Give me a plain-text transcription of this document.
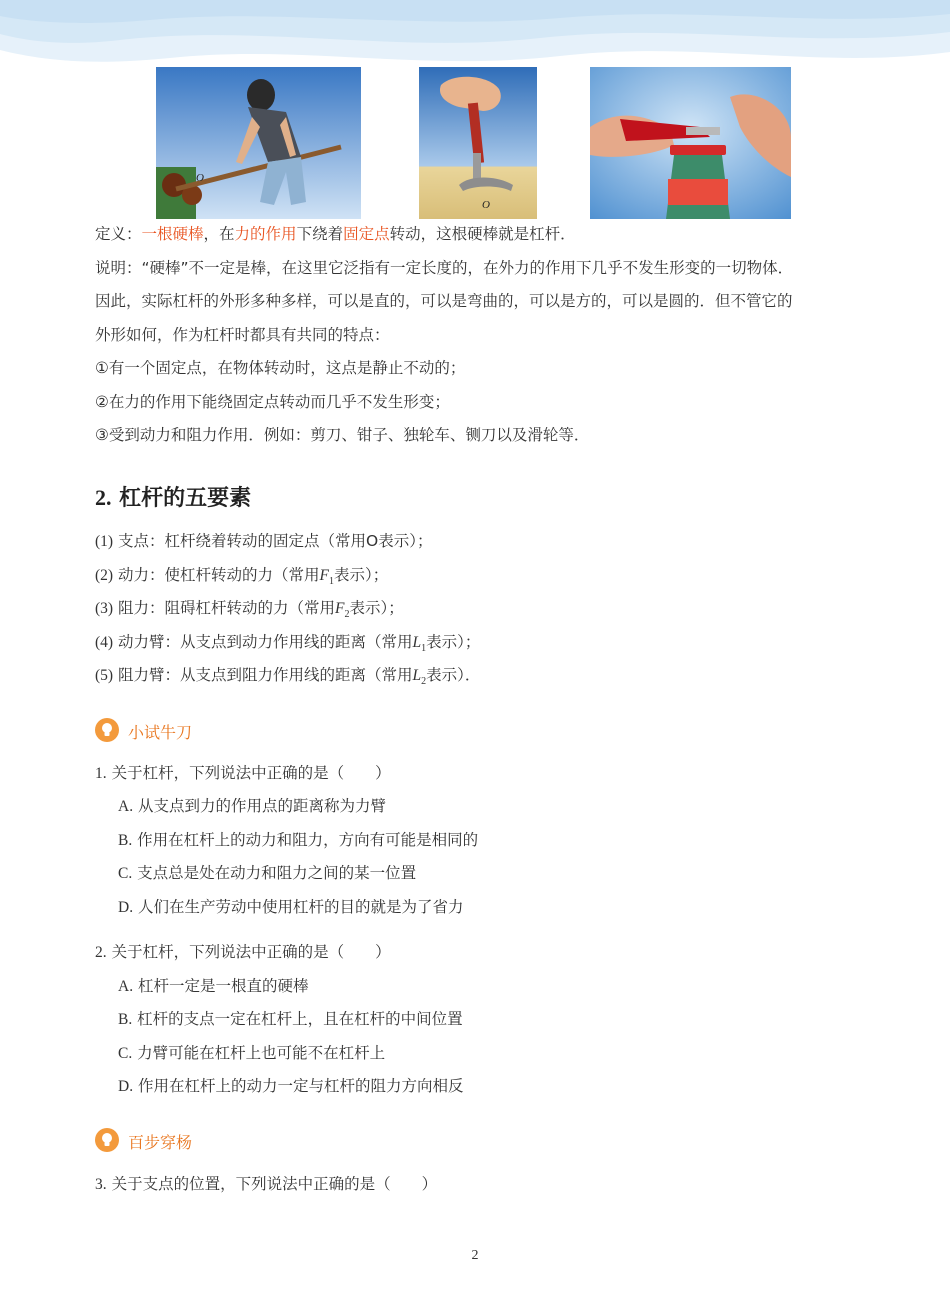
O
O
定义：一根硬棒，在力的作用下绕着固定点转动，这根硬棒就是杠杆．
说明：“硬棒”不一定是棒，在这里它泛指有一定长度的，在外力的作用下几乎不发生形变的一切物体．
因此，实际杠杆的外形多种多样，可以是直的，可以是弯曲的，可以是方的，可以是圆的．但不管它的
外形如何，作为杠杆时都具有共同的特点：
①有一个固定点，在物体转动时，这点是静止不动的；
②在力的作用下能绕固定点转动而几乎不发生形变；
③受到动力和阻力作用．例如：剪刀、钳子、独轮车、铡刀以及滑轮等．
2. 杠杆的五要素
(1) 支点：杠杆绕着转动的固定点（常用O表示）；
(2) 动力：使杠杆转动的力（常用$F_1$表示）；
(3) 阻力：阻碍杠杆转动的力（常用$F_2$表示）；
(4) 动力臂：从支点到动力作用线的距离（常用$L_1$表示）；
(5) 阻力臂：从支点到阻力作用线的距离（常用$L_2$表示）．
小试牛刀
1. 关于杠杆，下列说法中正确的是（　　）
A. 从支点到力的作用点的距离称为力臂
B. 作用在杠杆上的动力和阻力，方向有可能是相同的
C. 支点总是处在动力和阻力之间的某一位置
D. 人们在生产劳动中使用杠杆的目的就是为了省力
2. 关于杠杆，下列说法中正确的是（　　）
A. 杠杆一定是一根直的硬棒
B. 杠杆的支点一定在杠杆上，且在杠杆的中间位置
C. 力臂可能在杠杆上也可能不在杠杆上
D. 作用在杠杆上的动力一定与杠杆的阻力方向相反
百步穿杨
3. 关于支点的位置，下列说法中正确的是（　　）
2
